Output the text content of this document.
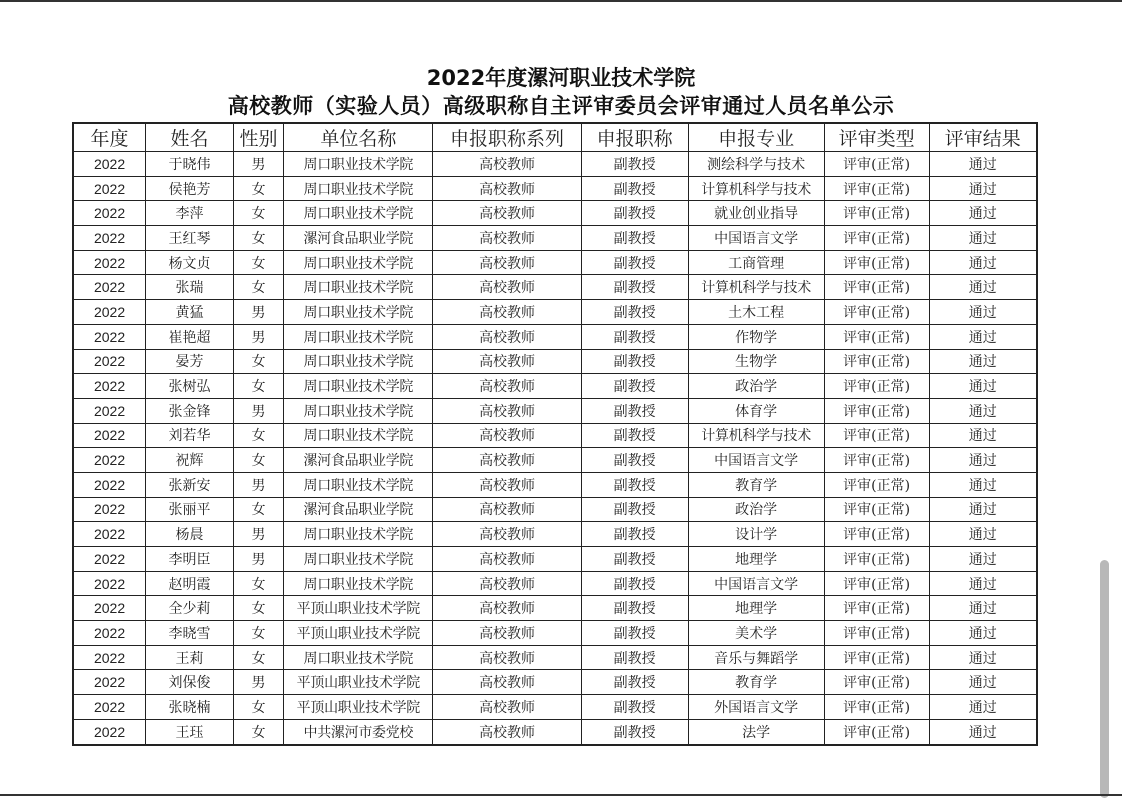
2022年度漯河职业技术学院
高校教师（实验人员）高级职称自主评审委员会评审通过人员名单公示
年度	姓名	性别	单位名称	申报职称系列	申报职称	申报专业	评审类型	评审结果
2022	于晓伟	男	周口职业技术学院	高校教师	副教授	测绘科学与技术	评审(正常)	通过
2022	侯艳芳	女	周口职业技术学院	高校教师	副教授	计算机科学与技术	评审(正常)	通过
2022	李萍	女	周口职业技术学院	高校教师	副教授	就业创业指导	评审(正常)	通过
2022	王红琴	女	漯河食品职业学院	高校教师	副教授	中国语言文学	评审(正常)	通过
2022	杨文贞	女	周口职业技术学院	高校教师	副教授	工商管理	评审(正常)	通过
2022	张瑞	女	周口职业技术学院	高校教师	副教授	计算机科学与技术	评审(正常)	通过
2022	黄猛	男	周口职业技术学院	高校教师	副教授	土木工程	评审(正常)	通过
2022	崔艳超	男	周口职业技术学院	高校教师	副教授	作物学	评审(正常)	通过
2022	晏芳	女	周口职业技术学院	高校教师	副教授	生物学	评审(正常)	通过
2022	张树弘	女	周口职业技术学院	高校教师	副教授	政治学	评审(正常)	通过
2022	张金锋	男	周口职业技术学院	高校教师	副教授	体育学	评审(正常)	通过
2022	刘若华	女	周口职业技术学院	高校教师	副教授	计算机科学与技术	评审(正常)	通过
2022	祝辉	女	漯河食品职业学院	高校教师	副教授	中国语言文学	评审(正常)	通过
2022	张新安	男	周口职业技术学院	高校教师	副教授	教育学	评审(正常)	通过
2022	张丽平	女	漯河食品职业学院	高校教师	副教授	政治学	评审(正常)	通过
2022	杨晨	男	周口职业技术学院	高校教师	副教授	设计学	评审(正常)	通过
2022	李明臣	男	周口职业技术学院	高校教师	副教授	地理学	评审(正常)	通过
2022	赵明霞	女	周口职业技术学院	高校教师	副教授	中国语言文学	评审(正常)	通过
2022	全少莉	女	平顶山职业技术学院	高校教师	副教授	地理学	评审(正常)	通过
2022	李晓雪	女	平顶山职业技术学院	高校教师	副教授	美术学	评审(正常)	通过
2022	王莉	女	周口职业技术学院	高校教师	副教授	音乐与舞蹈学	评审(正常)	通过
2022	刘保俊	男	平顶山职业技术学院	高校教师	副教授	教育学	评审(正常)	通过
2022	张晓楠	女	平顶山职业技术学院	高校教师	副教授	外国语言文学	评审(正常)	通过
2022	王珏	女	中共漯河市委党校	高校教师	副教授	法学	评审(正常)	通过
